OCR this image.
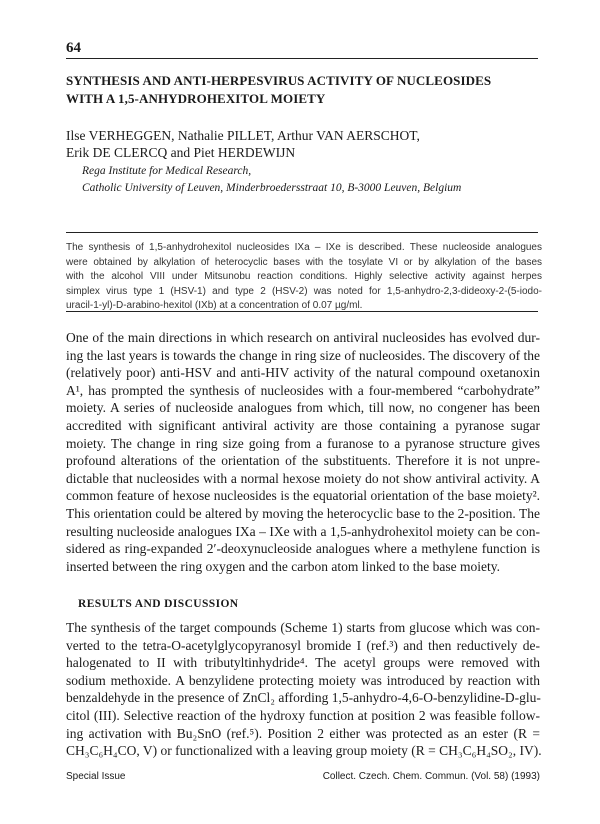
64
SYNTHESIS AND ANTI-HERPESVIRUS ACTIVITY OF NUCLEOSIDES
WITH A 1,5-ANHYDROHEXITOL MOIETY
Ilse VERHEGGEN, Nathalie PILLET, Arthur VAN AERSCHOT,
Erik DE CLERCQ and Piet HERDEWIJN
Rega Institute for Medical Research,
Catholic University of Leuven, Minderbroedersstraat 10, B-3000 Leuven, Belgium
The synthesis of 1,5-anhydrohexitol nucleosides IXa – IXe is described. These nucleoside analogues
were obtained by alkylation of heterocyclic bases with the tosylate VI or by alkylation of the bases
with the alcohol VIII under Mitsunobu reaction conditions. Highly selective activity against herpes
simplex virus type 1 (HSV-1) and type 2 (HSV-2) was noted for 1,5-anhydro-2,3-dideoxy-2-(5-iodo-
uracil-1-yl)-D-arabino-hexitol (IXb) at a concentration of 0.07 µg/ml.
One of the main directions in which research on antiviral nucleosides has evolved dur-
ing the last years is towards the change in ring size of nucleosides. The discovery of the
(relatively poor) anti-HSV and anti-HIV activity of the natural compound oxetanoxin
A¹, has prompted the synthesis of nucleosides with a four-membered “carbohydrate”
moiety. A series of nucleoside analogues from which, till now, no congener has been
accredited with significant antiviral activity are those containing a pyranose sugar
moiety. The change in ring size going from a furanose to a pyranose structure gives
profound alterations of the orientation of the substituents. Therefore it is not unpre-
dictable that nucleosides with a normal hexose moiety do not show antiviral activity. A
common feature of hexose nucleosides is the equatorial orientation of the base moiety².
This orientation could be altered by moving the heterocyclic base to the 2-position. The
resulting nucleoside analogues IXa – IXe with a 1,5-anhydrohexitol moiety can be con-
sidered as ring-expanded 2′-deoxynucleoside analogues where a methylene function is
inserted between the ring oxygen and the carbon atom linked to the base moiety.
RESULTS AND DISCUSSION
The synthesis of the target compounds (Scheme 1) starts from glucose which was con-
verted to the tetra-O-acetylglycopyranosyl bromide I (ref.³) and then reductively de-
halogenated to II with tributyltinhydride⁴. The acetyl groups were removed with
sodium methoxide. A benzylidene protecting moiety was introduced by reaction with
benzaldehyde in the presence of ZnCl₂ affording 1,5-anhydro-4,6-O-benzylidine-D-glu-
citol (III). Selective reaction of the hydroxy function at position 2 was feasible follow-
ing activation with Bu₂SnO (ref.⁵). Position 2 either was protected as an ester (R =
CH₃C₆H₄CO, V) or functionalized with a leaving group moiety (R = CH₃C₆H₄SO₂, IV).
Special Issue	Collect. Czech. Chem. Commun. (Vol. 58) (1993)
